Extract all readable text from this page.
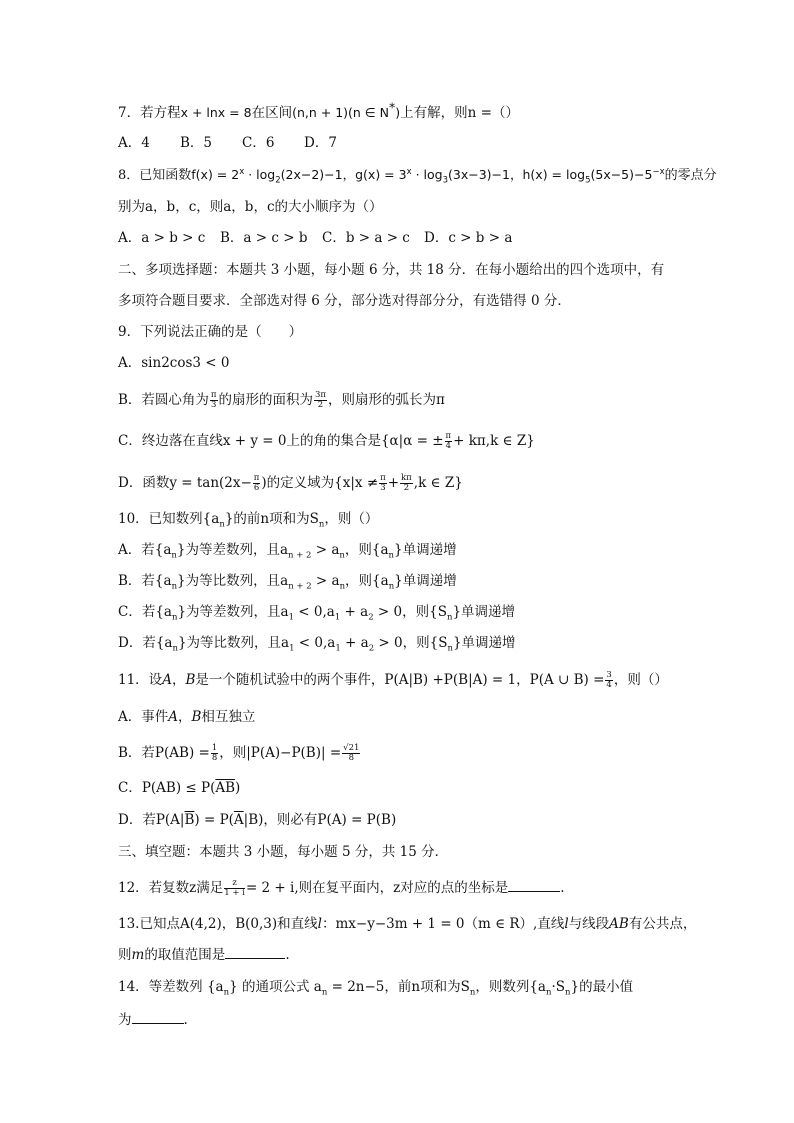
7．若方程x + lnx = 8在区间(n,n + 1)(n ∈ N*)上有解，则n =（）
A．4 B．5 C．6 D．7
8．已知函数$f(x) = 2^x \cdot \log_2(2x-2)-1$，$g(x) = 3^x \cdot \log_3(3x-3)-1$，$h(x) = \log_5(5x-5)-5^{-x}$的零点分
别为a，b，c，则a，b，c的大小顺序为（）
A．a > b > c B．a > c > b C．b > a > c D．c > b > a
二、多项选择题：本题共 3 小题，每小题 6 分，共 18 分．在每小题给出的四个选项中，有
多项符合题目要求．全部选对得 6 分，部分选对得部分分，有选错得 0 分．
9．下列说法正确的是（　　）
A．sin2cos3 < 0
B．若圆心角为 $\frac{\pi}{3}$ 的扇形的面积为 $\frac{3\pi}{2}$ ，则扇形的弧长为π
C．终边落在直线x + y = 0上的角的集合是{α|α = ± $\frac{\pi}{4} + k\pi,k$ ∈ Z}
D．函数$y = \tan(2x- \frac{\pi}{6}$ )的定义域为{$x|x \ne \frac{\pi}{3} + \frac{k\pi}{2} ,k$ ∈ Z}
10．已知数列$\{a_n\}$的前n项和为$S_n$，则（）
A．若$\{a_n\}$为等差数列，且$a_{n + 2} > a_n$，则$\{a_n\}$单调递增
B．若$\{a_n\}$为等比数列，且$a_{n + 2} > a_n$，则$\{a_n\}$单调递增
C．若$\{a_n\}$为等差数列，且$a_1 < 0,a_1 + a_2 > 0$，则$\{S_n\}$单调递增
D．若$\{a_n\}$为等比数列，且$a_1 < 0,a_1 + a_2 > 0$，则$\{S_n\}$单调递增
11．设A，B是一个随机试验中的两个事件，P(A|B) +P(B|A) = 1，P(A ∪ $B) = \frac{3}{4}$ ，则（）
A．事件A，B相互独立
B．若$P(AB) = \frac{1}{8}$ ，则$|P(A)-P(B)| = \frac{√21}{8}$
C．$P(AB) \le P(\overline{AB})$
D．若$P(A|\overline{B}) = P(\overline{A}|B)$，则必有P(A) = P(B)
三、填空题：本题共 3 小题，每小题 5 分，共 15 分．
12．若复数z满足 $\frac{z}{1 + i} = 2 + i$,则在复平面内，z对应的点的坐标是	.
13.已知点A(4,2)，B(0,3)和直线l：mx−y−3m + 1 = 0（m ∈ R）,直线l与线段AB有公共点，
则m的取值范围是	.
14．等差数列 $\{a_n\}$ 的通项公式 $a_n = 2n-5$，前n项和为$S_n$，则数列$\{a_n\cdot S_n\}$的最小值
为	.
